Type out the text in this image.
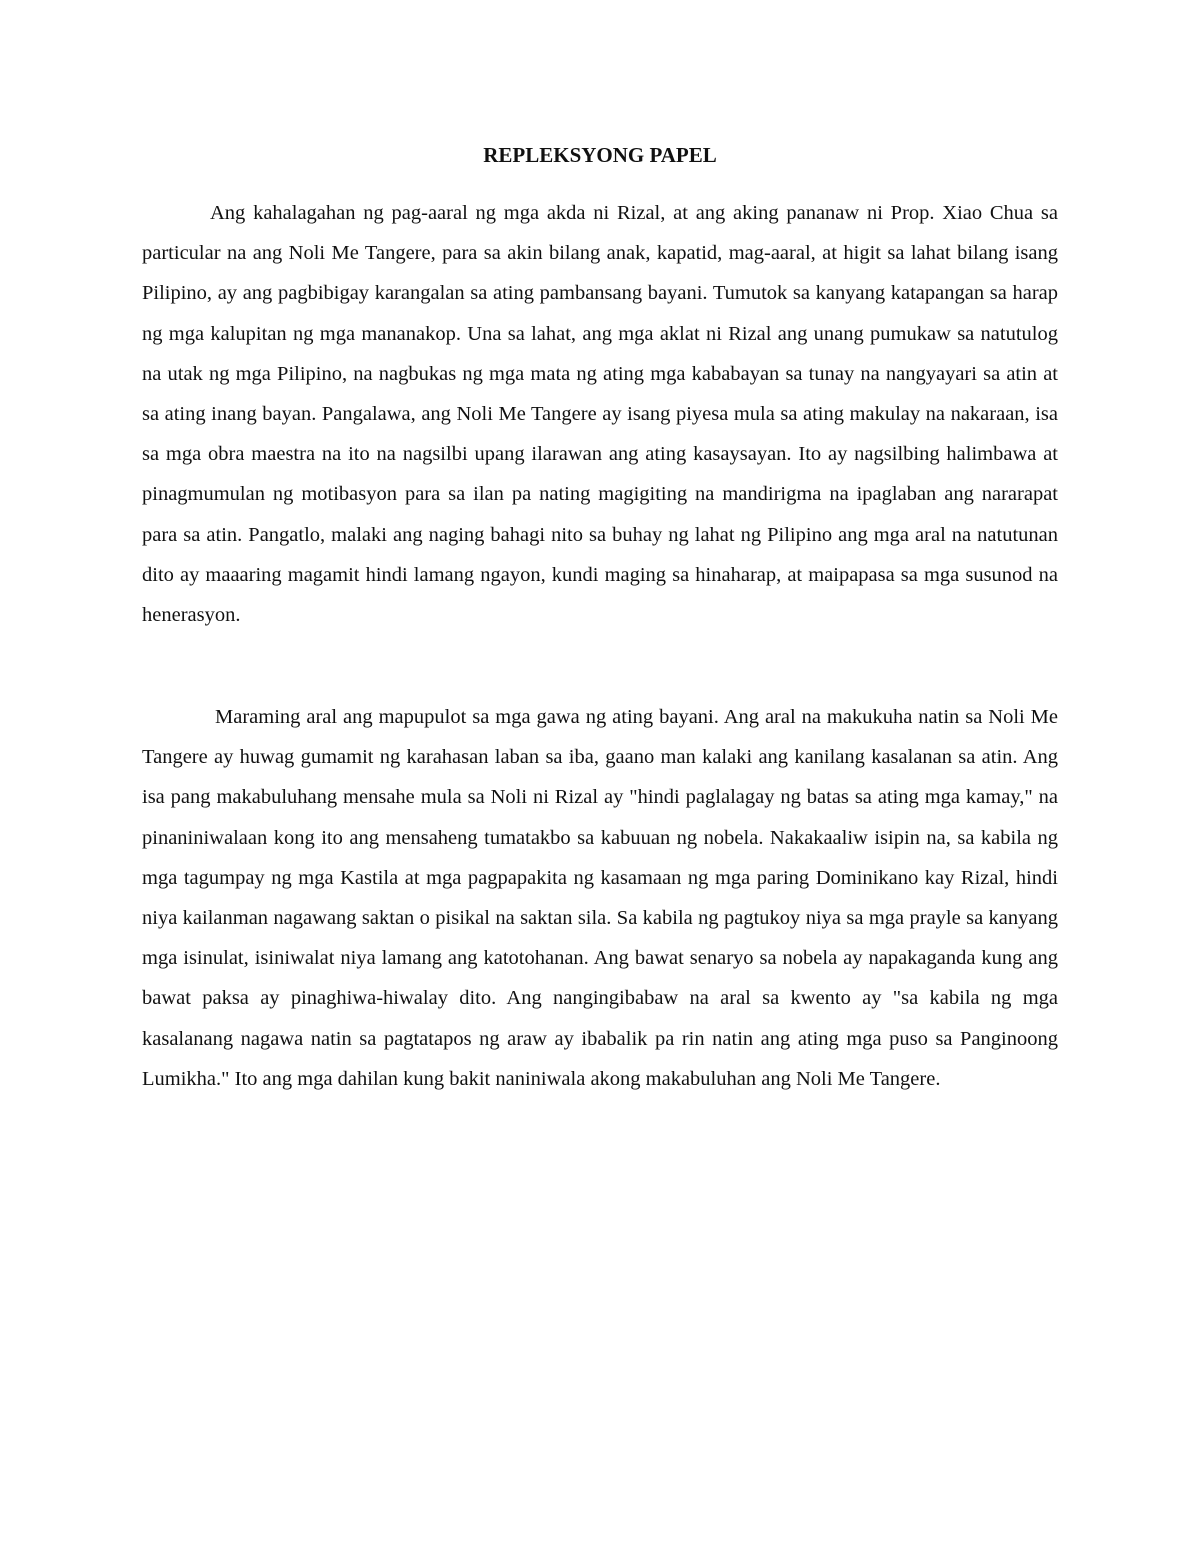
REPLEKSYONG PAPEL

Ang kahalagahan ng pag-aaral ng mga akda ni Rizal, at ang aking pananaw ni Prop. Xiao Chua sa particular na ang Noli Me Tangere, para sa akin bilang anak, kapatid, mag-aaral, at higit sa lahat bilang isang Pilipino, ay ang pagbibigay karangalan sa ating pambansang bayani. Tumutok sa kanyang katapangan sa harap ng mga kalupitan ng mga mananakop. Una sa lahat, ang mga aklat ni Rizal ang unang pumukaw sa natutulog na utak ng mga Pilipino, na nagbukas ng mga mata ng ating mga kababayan sa tunay na nangyayari sa atin at sa ating inang bayan. Pangalawa, ang Noli Me Tangere ay isang piyesa mula sa ating makulay na nakaraan, isa sa mga obra maestra na ito na nagsilbi upang ilarawan ang ating kasaysayan. Ito ay nagsilbing halimbawa at pinagmumulan ng motibasyon para sa ilan pa nating magigiting na mandirigma na ipaglaban ang nararapat para sa atin. Pangatlo, malaki ang naging bahagi nito sa buhay ng lahat ng Pilipino ang mga aral na natutunan dito ay maaaring magamit hindi lamang ngayon, kundi maging sa hinaharap, at maipapasa sa mga susunod na henerasyon.

Maraming aral ang mapupulot sa mga gawa ng ating bayani. Ang aral na makukuha natin sa Noli Me Tangere ay huwag gumamit ng karahasan laban sa iba, gaano man kalaki ang kanilang kasalanan sa atin. Ang isa pang makabuluhang mensahe mula sa Noli ni Rizal ay "hindi paglalagay ng batas sa ating mga kamay," na pinaniniwalaan kong ito ang mensaheng tumatakbo sa kabuuan ng nobela. Nakakaaliw isipin na, sa kabila ng mga tagumpay ng mga Kastila at mga pagpapakita ng kasamaan ng mga paring Dominikano kay Rizal, hindi niya kailanman nagawang saktan o pisikal na saktan sila. Sa kabila ng pagtukoy niya sa mga prayle sa kanyang mga isinulat, isiniwalat niya lamang ang katotohanan. Ang bawat senaryo sa nobela ay napakaganda kung ang bawat paksa ay pinaghiwa-hiwalay dito. Ang nangingibabaw na aral sa kwento ay "sa kabila ng mga kasalanang nagawa natin sa pagtatapos ng araw ay ibabalik pa rin natin ang ating mga puso sa Panginoong Lumikha." Ito ang mga dahilan kung bakit naniniwala akong makabuluhan ang Noli Me Tangere.
